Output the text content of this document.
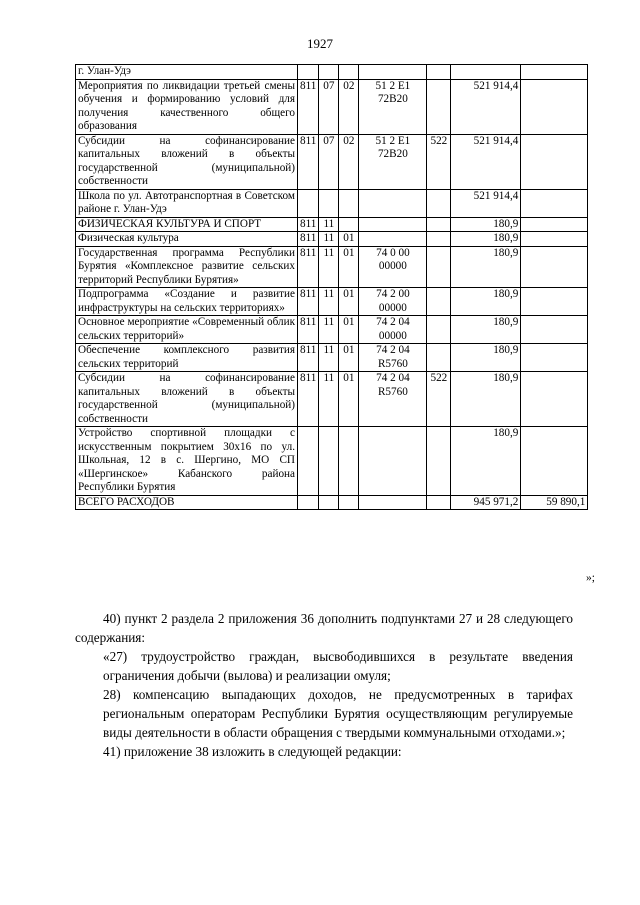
1927
г. Улан-Удэ							
Мероприятия по ликвидации третьей смены обучения и формированию условий для получения качественного общего образования	811	07	02	51 2 E1 72B20		521 914,4	
Субсидии на софинансирование капитальных вложений в объекты государственной (муниципальной) собственности	811	07	02	51 2 E1 72B20	522	521 914,4	
Школа по ул. Автотранспортная в Советском районе г. Улан-Удэ						521 914,4	
ФИЗИЧЕСКАЯ КУЛЬТУРА И СПОРТ	811	11				180,9	
Физическая культура	811	11	01			180,9	
Государственная программа Республики Бурятия «Комплексное развитие сельских территорий Республики Бурятия»	811	11	01	74 0 00 00000		180,9	
Подпрограмма «Создание и развитие инфраструктуры на сельских территориях»	811	11	01	74 2 00 00000		180,9	
Основное мероприятие «Современный облик сельских территорий»	811	11	01	74 2 04 00000		180,9	
Обеспечение комплексного развития сельских территорий	811	11	01	74 2 04 R5760		180,9	
Субсидии на софинансирование капитальных вложений в объекты государственной (муниципальной) собственности	811	11	01	74 2 04 R5760	522	180,9	
Устройство спортивной площадки с искусственным покрытием 30x16 по ул. Школьная, 12 в с. Шергино, МО СП «Шергинское» Кабанского района Республики Бурятия						180,9	
ВСЕГО РАСХОДОВ						945 971,2	59 890,1
»;
40) пункт 2 раздела 2 приложения 36 дополнить подпунктами 27 и 28 следующего содержания:
«27) трудоустройство граждан, высвободившихся в результате введения ограничения добычи (вылова) и реализации омуля;
28) компенсацию выпадающих доходов, не предусмотренных в тарифах региональным операторам Республики Бурятия осуществляющим регулируемые виды деятельности в области обращения с твердыми коммунальными отходами.»;
41) приложение 38 изложить в следующей редакции:
